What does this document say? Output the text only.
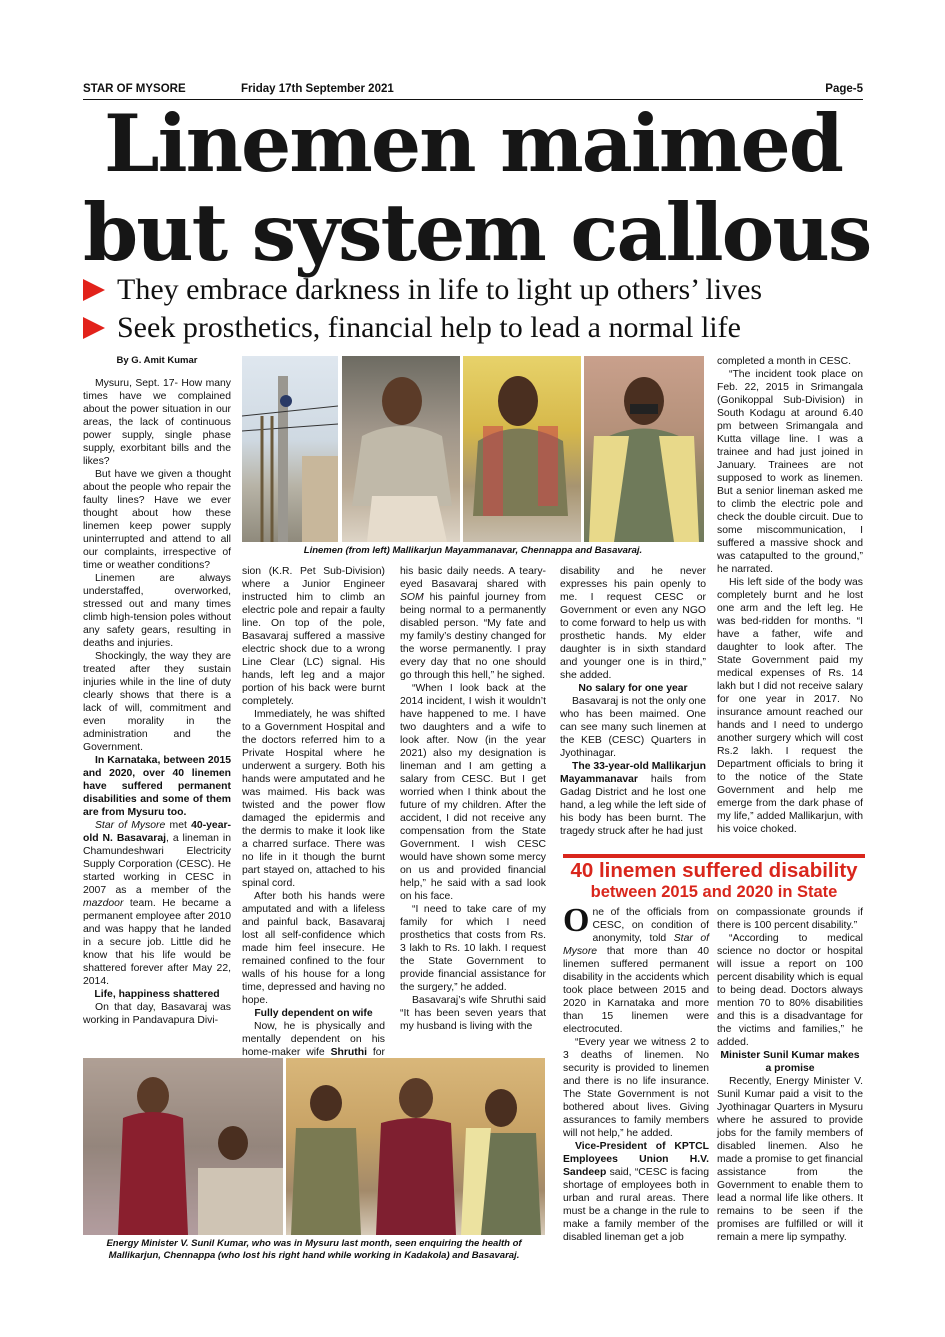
STAR OF MYSORE	Friday 17th September 2021	Page-5
Linemen maimed
but system callous
They embrace darkness in life to light up others’ lives
Seek prosthetics, financial help to lead a normal life
By G. Amit Kumar
Linemen (from left) Mallikarjun Mayammanavar, Chennappa and Basavaraj.

Mysuru, Sept. 17- How many times have we complained about the power situation in our areas, the lack of continuous power supply, single phase supply, exorbitant bills and the likes?

But have we given a thought about the people who repair the faulty lines? Have we ever thought about how these linemen keep power supply uninterrupted and attend to all our complaints, irrespective of time or weather conditions?

Linemen are always understaffed, overworked, stressed out and many times climb high-tension poles without any safety gears, resulting in deaths and injuries.

Shockingly, the way they are treated after they sustain injuries while in the line of duty clearly shows that there is a lack of will, commitment and even morality in the administration and the Government.

In Karnataka, between 2015 and 2020, over 40 linemen have suffered permanent disabilities and some of them are from Mysuru too.

Star of Mysore met 40-year-old N. Basavaraj, a lineman in Chamundeshwari Electricity Supply Corporation (CESC). He started working in CESC in 2007 as a member of the mazdoor team. He became a permanent employee after 2010 and was happy that he landed in a secure job. Little did he know that his life would be shattered forever after May 22, 2014.

Life, happiness shattered

On that day, Basavaraj was working in Pandavapura Divi-

sion (K.R. Pet Sub-Division) where a Junior Engineer instructed him to climb an electric pole and repair a faulty line. On top of the pole, Basavaraj suffered a massive electric shock due to a wrong Line Clear (LC) signal. His hands, left leg and a major portion of his back were burnt completely.

Immediately, he was shifted to a Government Hospital and the doctors referred him to a Private Hospital where he underwent a surgery. Both his hands were amputated and he was maimed. His back was twisted and the power flow damaged the epidermis and the dermis to make it look like a charred surface. There was no life in it though the burnt part stayed on, attached to his spinal cord.

After both his hands were amputated and with a lifeless and painful back, Basavaraj lost all self-confidence which made him feel insecure. He remained confined to the four walls of his house for a long time, depressed and having no hope.

Fully dependent on wife

Now, he is physically and mentally dependent on his home-maker wife Shruthi for

his basic daily needs. A teary-eyed Basavaraj shared with SOM his painful journey from being normal to a permanently disabled person. “My fate and my family’s destiny changed for the worse permanently. I pray every day that no one should go through this hell,” he sighed.

“When I look back at the 2014 incident, I wish it wouldn’t have happened to me. I have two daughters and a wife to look after. Now (in the year 2021) also my designation is lineman and I am getting a salary from CESC. But I get worried when I think about the future of my children. After the accident, I did not receive any compensation from the State Government. I wish CESC would have shown some mercy on us and provided financial help,” he said with a sad look on his face.

“I need to take care of my family for which I need prosthetics that costs from Rs. 3 lakh to Rs. 10 lakh. I request the State Government to provide financial assistance for the surgery,” he added.

Basavaraj’s wife Shruthi said “It has been seven years that my husband is living with the

disability and he never expresses his pain openly to me. I request CESC or Government or even any NGO to come forward to help us with prosthetic hands. My elder daughter is in sixth standard and younger one is in third,” she added.

No salary for one year

Basavaraj is not the only one who has been maimed. One can see many such linemen at the KEB (CESC) Quarters in Jyothinagar.

The 33-year-old Mallikarjun Mayammanavar hails from Gadag District and he lost one hand, a leg while the left side of his body has been burnt. The tragedy struck after he had just

completed a month in CESC.

“The incident took place on Feb. 22, 2015 in Srimangala (Gonikoppal Sub-Division) in South Kodagu at around 6.40 pm between Srimangala and Kutta village line. I was a trainee and had just joined in January. Trainees are not supposed to work as linemen. But a senior lineman asked me to climb the electric pole and check the double circuit. Due to some miscommunication, I suffered a massive shock and was catapulted to the ground,” he narrated.

His left side of the body was completely burnt and he lost one arm and the left leg. He was bed-ridden for months. “I have a father, wife and daughter to look after. The State Government paid my medical expenses of Rs. 14 lakh but I did not receive salary for one year in 2017. No insurance amount reached our hands and I need to undergo another surgery which will cost Rs.2 lakh. I request the Department officials to bring it to the notice of the State Government and help me emerge from the dark phase of my life,” added Mallikarjun, with his voice choked.

Energy Minister V. Sunil Kumar, who was in Mysuru last month, seen enquiring the health of
Mallikarjun, Chennappa (who lost his right hand while working in Kadakola) and Basavaraj.
40 linemen suffered disability
between 2015 and 2020 in State

One of the officials from CESC, on condition of anonymity, told Star of Mysore that more than 40 linemen suffered permanent disability in the accidents which took place between 2015 and 2020 in Karnataka and more than 15 linemen were electrocuted.

“Every year we witness 2 to 3 deaths of linemen. No security is provided to linemen and there is no life insurance. The State Government is not bothered about lives. Giving assurances to family members will not help,” he added.

Vice-President of KPTCL Employees Union H.V. Sandeep said, “CESC is facing shortage of employees both in urban and rural areas. There must be a change in the rule to make a family member of the disabled lineman get a job

on compassionate grounds if there is 100 percent disability.”

“According to medical science no doctor or hospital will issue a report on 100 percent disability which is equal to being dead. Doctors always mention 70 to 80% disabilities and this is a disadvantage for the victims and families,” he added.

Minister Sunil Kumar makes a promise

Recently, Energy Minister V. Sunil Kumar paid a visit to the Jyothinagar Quarters in Mysuru where he assured to provide jobs for the family members of disabled linemen. Also he made a promise to get financial assistance from the Government to enable them to lead a normal life like others. It remains to be seen if the promises are fulfilled or will it remain a mere lip sympathy.
